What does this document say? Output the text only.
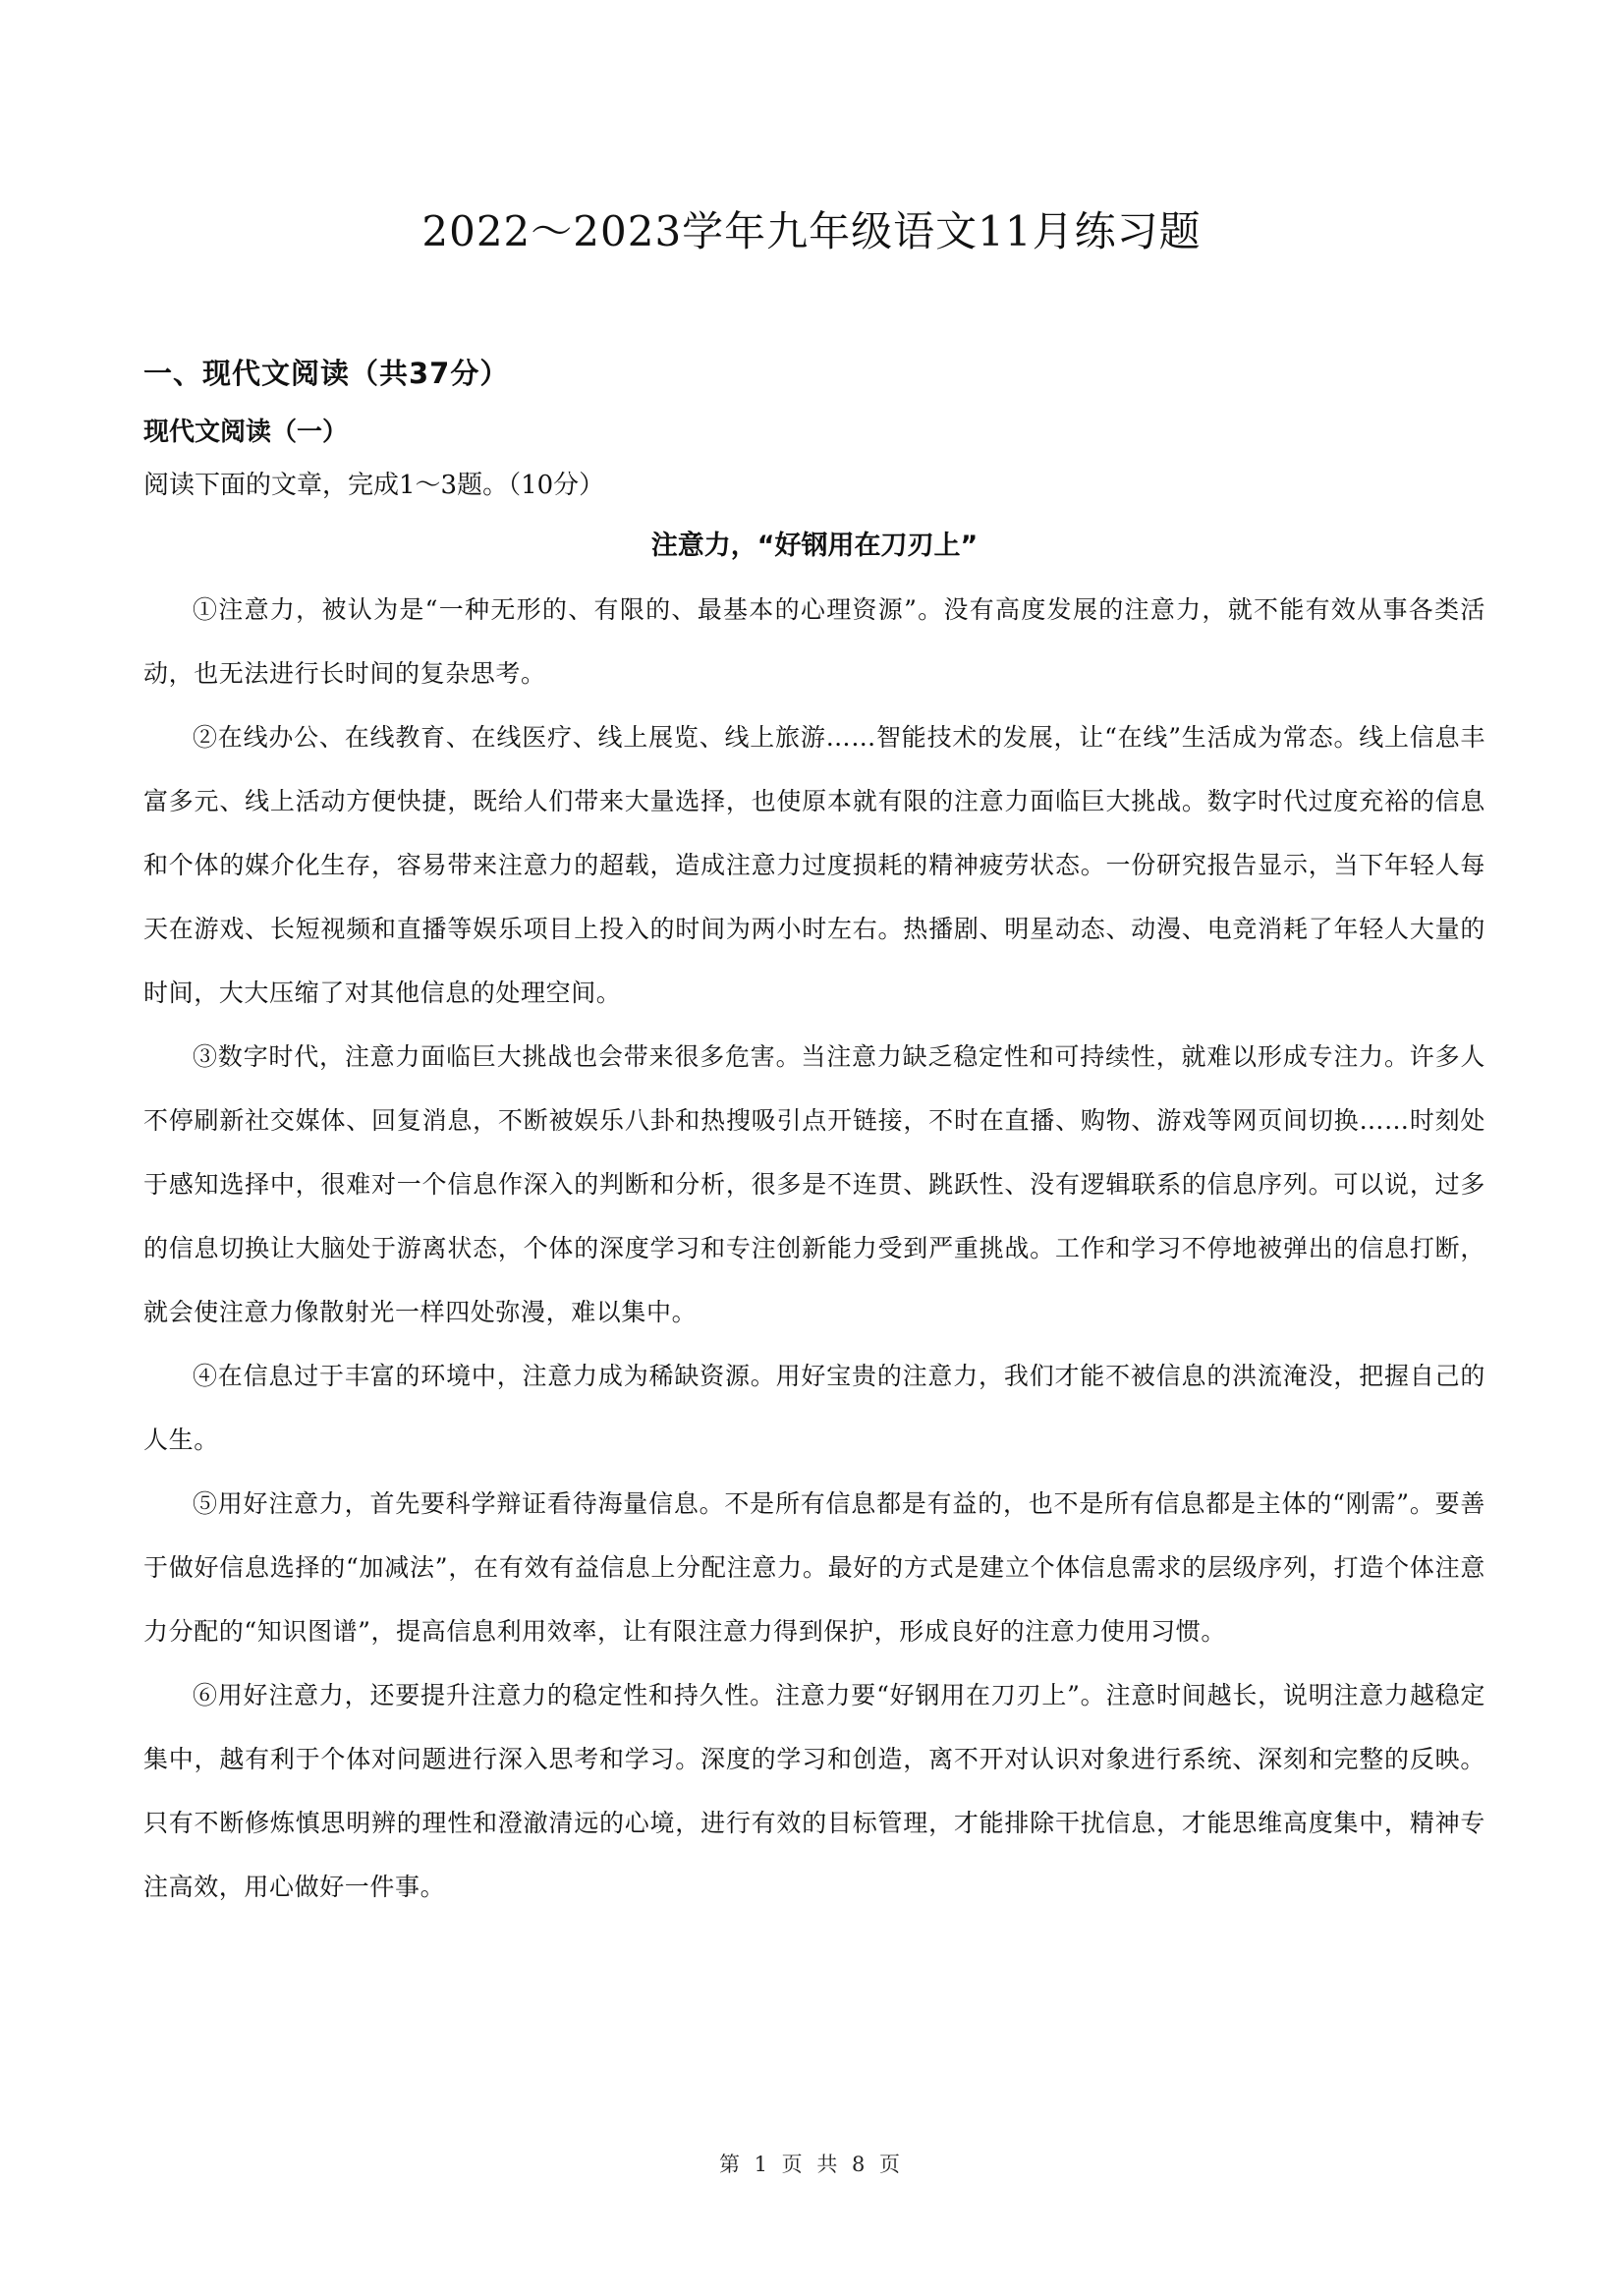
2022～2023学年九年级语文11月练习题
一、现代文阅读（共37分）
现代文阅读（一）
阅读下面的文章，完成1～3题。（10分）
注意力，“好钢用在刀刃上”

①注意力，被认为是“一种无形的、有限的、最基本的心理资源”。没有高度发展的注意力，就不能有效从事各类活动，也无法进行长时间的复杂思考。

②在线办公、在线教育、在线医疗、线上展览、线上旅游……智能技术的发展，让“在线”生活成为常态。线上信息丰富多元、线上活动方便快捷，既给人们带来大量选择，也使原本就有限的注意力面临巨大挑战。数字时代过度充裕的信息和个体的媒介化生存，容易带来注意力的超载，造成注意力过度损耗的精神疲劳状态。一份研究报告显示，当下年轻人每天在游戏、长短视频和直播等娱乐项目上投入的时间为两小时左右。热播剧、明星动态、动漫、电竞消耗了年轻人大量的时间，大大压缩了对其他信息的处理空间。

③数字时代，注意力面临巨大挑战也会带来很多危害。当注意力缺乏稳定性和可持续性，就难以形成专注力。许多人不停刷新社交媒体、回复消息，不断被娱乐八卦和热搜吸引点开链接，不时在直播、购物、游戏等网页间切换……时刻处于感知选择中，很难对一个信息作深入的判断和分析，很多是不连贯、跳跃性、没有逻辑联系的信息序列。可以说，过多的信息切换让大脑处于游离状态，个体的深度学习和专注创新能力受到严重挑战。工作和学习不停地被弹出的信息打断，就会使注意力像散射光一样四处弥漫，难以集中。

④在信息过于丰富的环境中，注意力成为稀缺资源。用好宝贵的注意力，我们才能不被信息的洪流淹没，把握自己的人生。

⑤用好注意力，首先要科学辩证看待海量信息。不是所有信息都是有益的，也不是所有信息都是主体的“刚需”。要善于做好信息选择的“加减法”，在有效有益信息上分配注意力。最好的方式是建立个体信息需求的层级序列，打造个体注意力分配的“知识图谱”，提高信息利用效率，让有限注意力得到保护，形成良好的注意力使用习惯。

⑥用好注意力，还要提升注意力的稳定性和持久性。注意力要“好钢用在刀刃上”。注意时间越长，说明注意力越稳定集中，越有利于个体对问题进行深入思考和学习。深度的学习和创造，离不开对认识对象进行系统、深刻和完整的反映。只有不断修炼慎思明辨的理性和澄澈清远的心境，进行有效的目标管理，才能排除干扰信息，才能思维高度集中，精神专注高效，用心做好一件事。

第 1 页 共 8 页
